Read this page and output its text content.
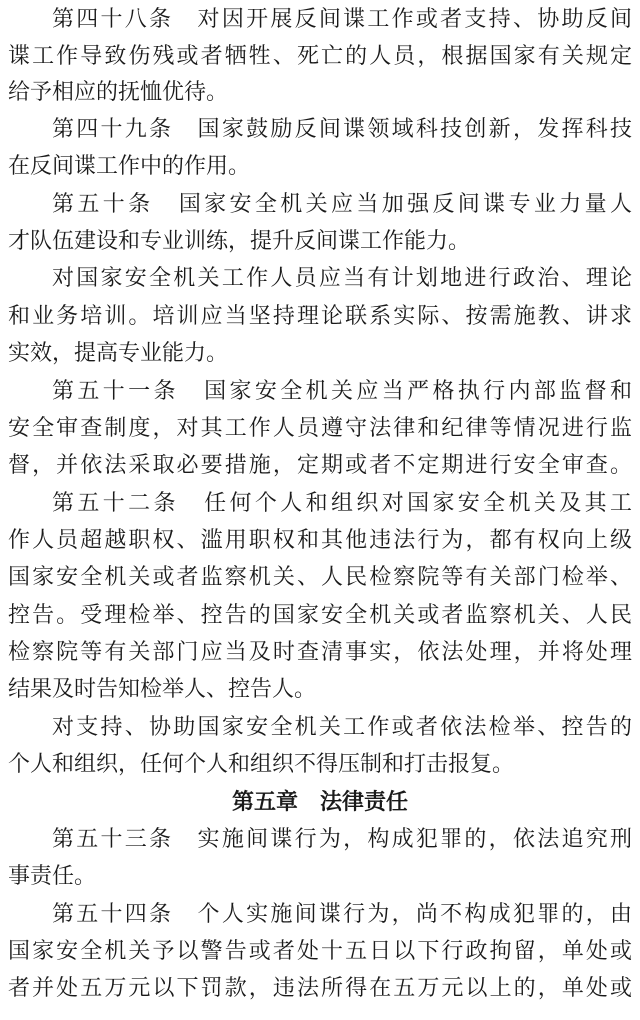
第四十八条　对因开展反间谍工作或者支持、协助反间
谍工作导致伤残或者牺牲、死亡的人员，根据国家有关规定
给予相应的抚恤优待。
第四十九条　国家鼓励反间谍领域科技创新，发挥科技
在反间谍工作中的作用。
第五十条　国家安全机关应当加强反间谍专业力量人
才队伍建设和专业训练，提升反间谍工作能力。
对国家安全机关工作人员应当有计划地进行政治、理论
和业务培训。培训应当坚持理论联系实际、按需施教、讲求
实效，提高专业能力。
第五十一条　国家安全机关应当严格执行内部监督和
安全审查制度，对其工作人员遵守法律和纪律等情况进行监
督，并依法采取必要措施，定期或者不定期进行安全审查。
第五十二条　任何个人和组织对国家安全机关及其工
作人员超越职权、滥用职权和其他违法行为，都有权向上级
国家安全机关或者监察机关、人民检察院等有关部门检举、
控告。受理检举、控告的国家安全机关或者监察机关、人民
检察院等有关部门应当及时查清事实，依法处理，并将处理
结果及时告知检举人、控告人。
对支持、协助国家安全机关工作或者依法检举、控告的
个人和组织，任何个人和组织不得压制和打击报复。
第五章　法律责任
第五十三条　实施间谍行为，构成犯罪的，依法追究刑
事责任。
第五十四条　个人实施间谍行为，尚不构成犯罪的，由
国家安全机关予以警告或者处十五日以下行政拘留，单处或
者并处五万元以下罚款，违法所得在五万元以上的，单处或
